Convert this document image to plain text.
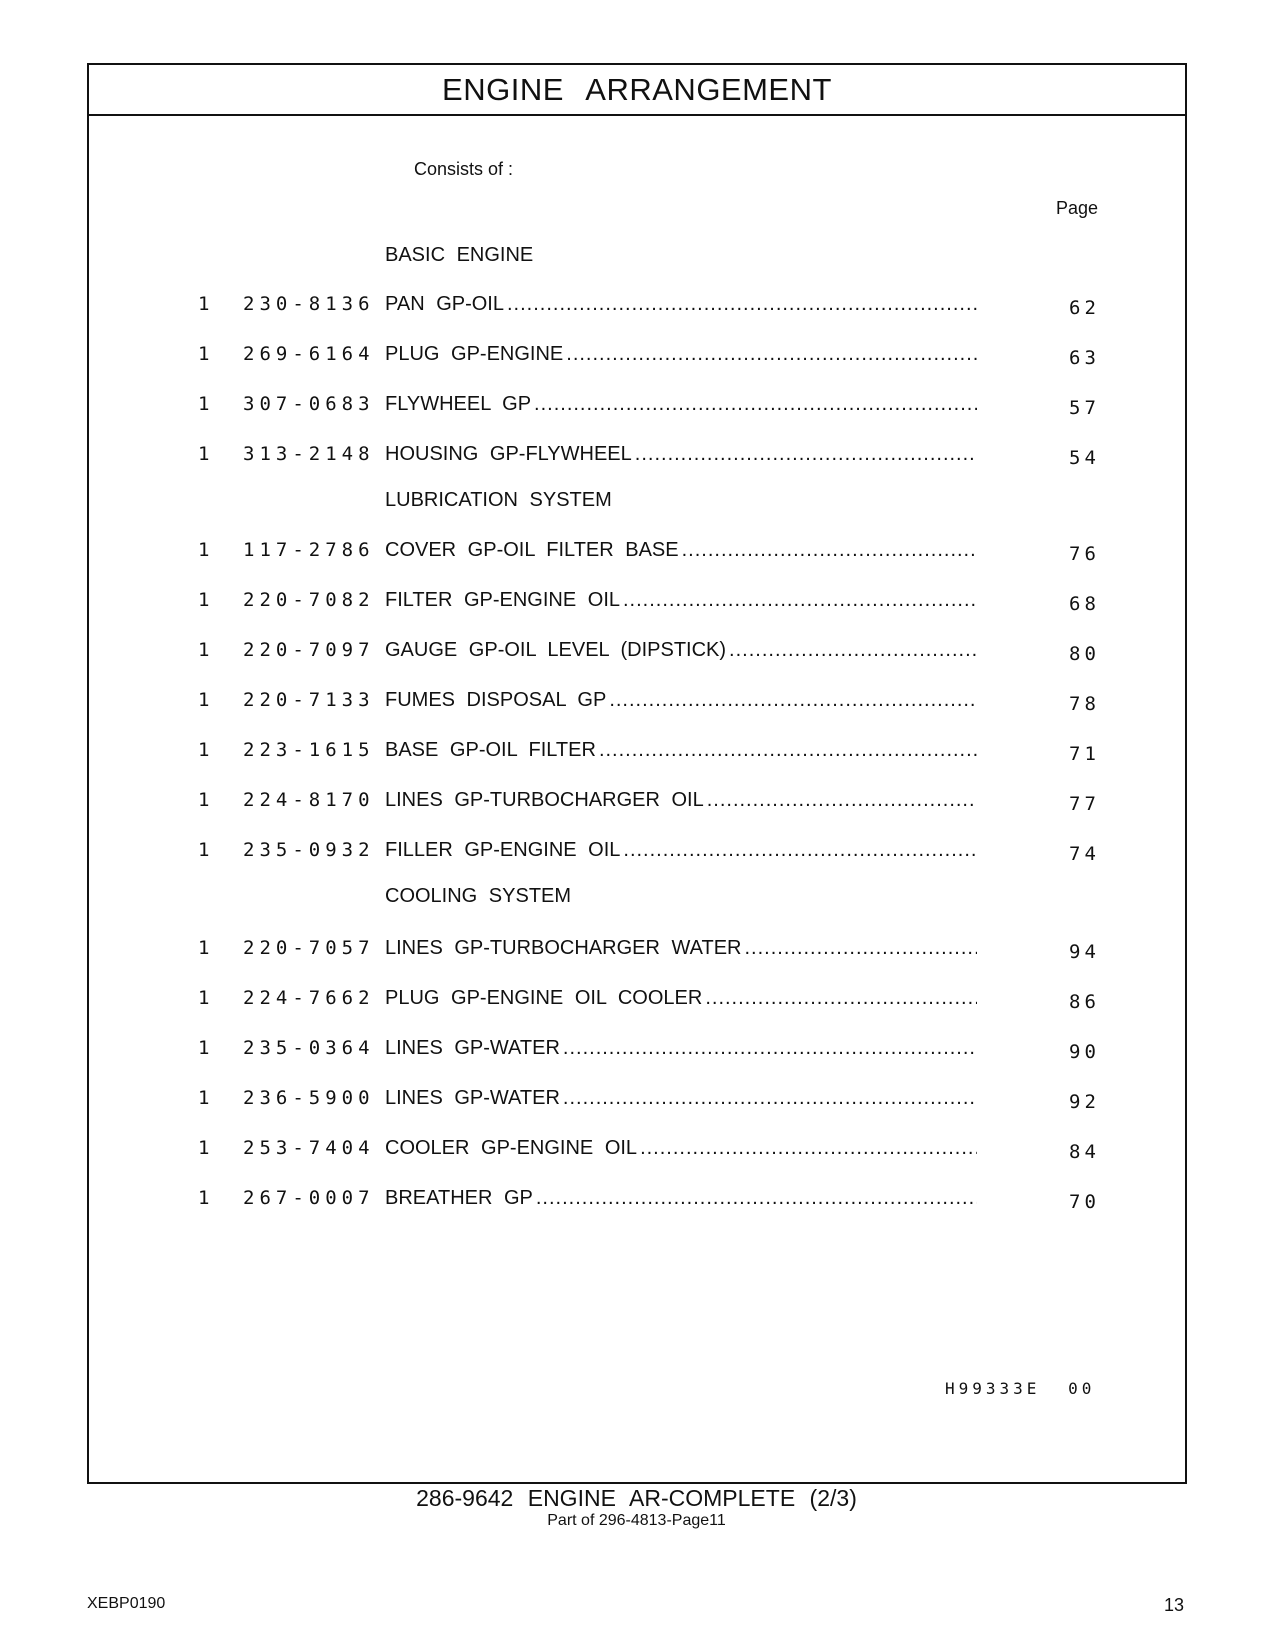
ENGINE ARRANGEMENT
Consists of :
Page
BASIC ENGINE
1 230-8136 PAN GP-OIL .....	62
1 269-6164 PLUG GP-ENGINE .....	63
1 307-0683 FLYWHEEL GP .....	57
1 313-2148 HOUSING GP-FLYWHEEL .....	54
LUBRICATION SYSTEM
1 117-2786 COVER GP-OIL FILTER BASE .....	76
1 220-7082 FILTER GP-ENGINE OIL .....	68
1 220-7097 GAUGE GP-OIL LEVEL (DIPSTICK) .....	80
1 220-7133 FUMES DISPOSAL GP .....	78
1 223-1615 BASE GP-OIL FILTER .....	71
1 224-8170 LINES GP-TURBOCHARGER OIL .....	77
1 235-0932 FILLER GP-ENGINE OIL .....	74
COOLING SYSTEM
1 220-7057 LINES GP-TURBOCHARGER WATER .....	94
1 224-7662 PLUG GP-ENGINE OIL COOLER .....	86
1 235-0364 LINES GP-WATER .....	90
1 236-5900 LINES GP-WATER .....	92
1 253-7404 COOLER GP-ENGINE OIL .....	84
1 267-0007 BREATHER GP .....	70
H99333E 00
286-9642 ENGINE AR-COMPLETE (2/3)
Part of 296-4813-Page11
XEBP0190	13
